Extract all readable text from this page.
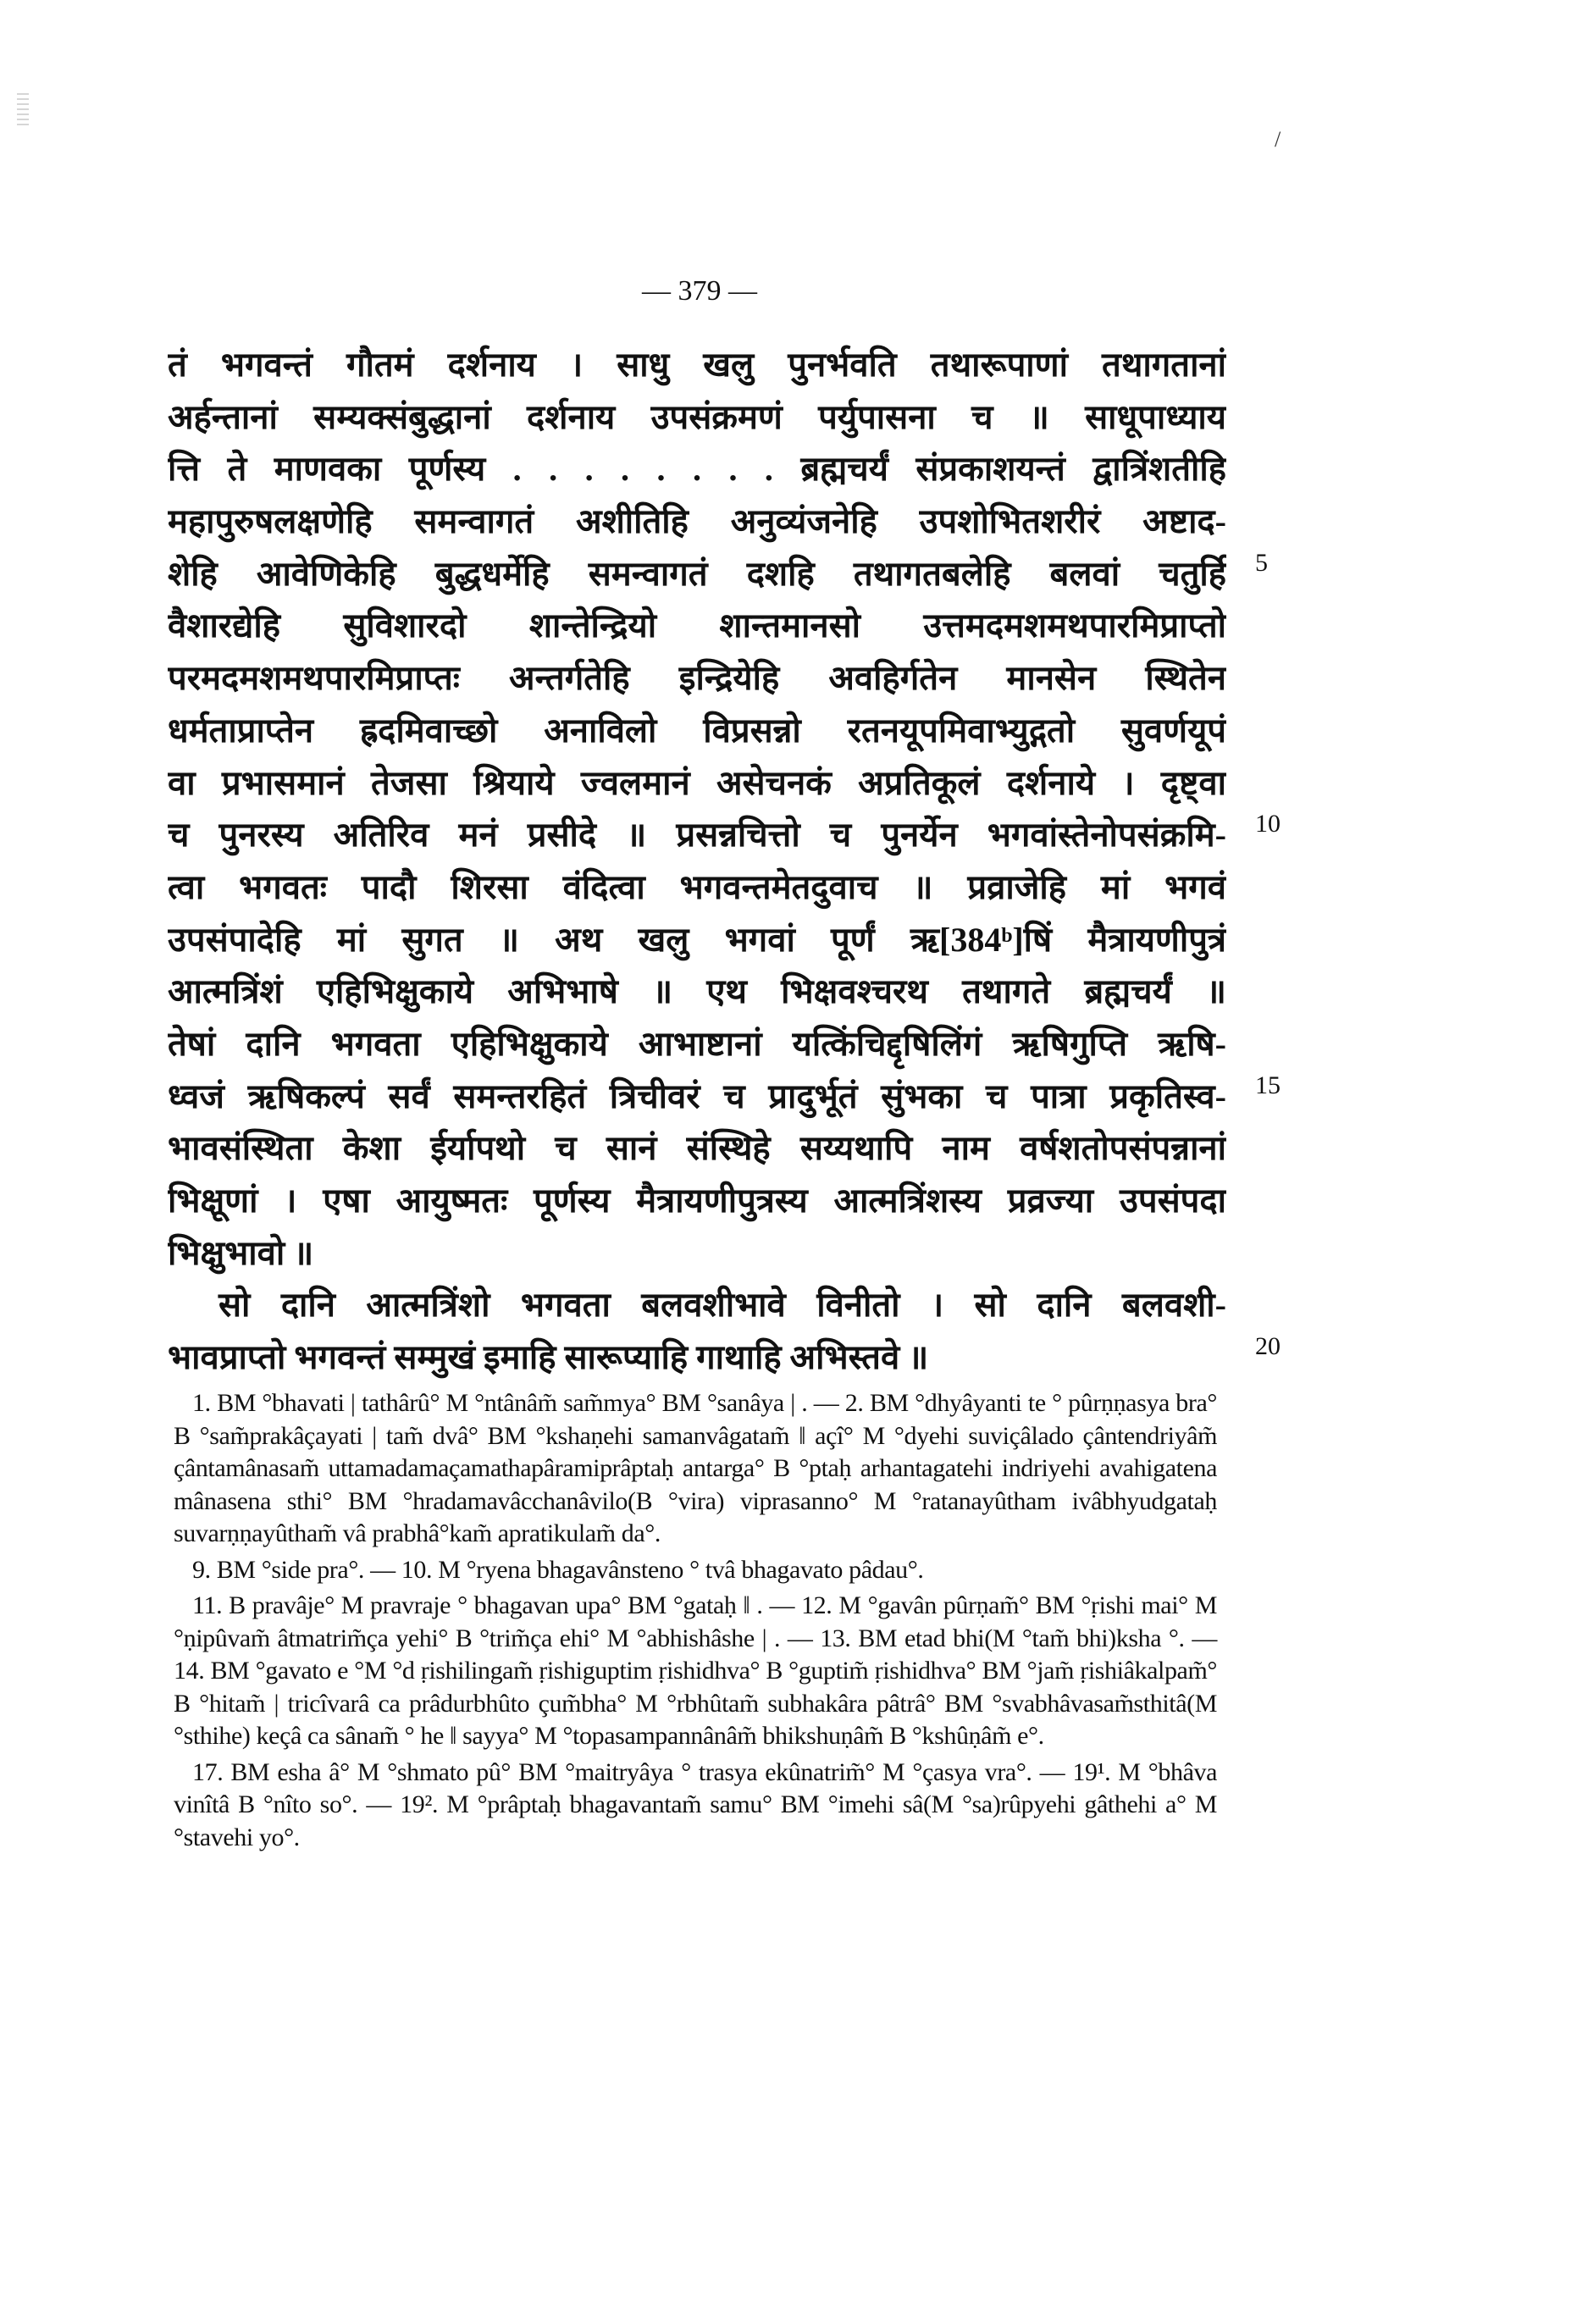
/
— 379 —
तं भगवन्तं गौतमं दर्शनाय । साधु खलु पुनर्भवति तथारूपाणां तथागतानां
अर्हन्तानां सम्यक्संबुद्धानां दर्शनाय उपसंक्रमणं पर्युपासना च ॥ साधूपाध्याय
त्ति ते माणवका पूर्णस्य . . . . . . . . ब्रह्मचर्यं संप्रकाशयन्तं द्वात्रिंशतीहि
महापुरुषलक्षणेहि समन्वागतं अशीतिहि अनुव्यंजनेहि उपशोभितशरीरं अष्टाद-
शेहि आवेणिकेहि बुद्धधर्मेहि समन्वागतं दशहि तथागतबलेहि बलवां चतुर्हि
वैशारद्येहि सुविशारदो शान्तेन्द्रियो शान्तमानसो उत्तमदमशमथपारमिप्राप्तो
परमदमशमथपारमिप्राप्तः अन्तर्गतेहि इन्द्रियेहि अवहिर्गतेन मानसेन स्थितेन
धर्मताप्राप्तेन ह्रदमिवाच्छो अनाविलो विप्रसन्नो रतनयूपमिवाभ्युद्गतो सुवर्णयूपं
वा प्रभासमानं तेजसा श्रियाये ज्वलमानं असेचनकं अप्रतिकूलं दर्शनाये । दृष्ट्वा
च पुनरस्य अतिरिव मनं प्रसीदे ॥ प्रसन्नचित्तो च पुनर्येन भगवांस्तेनोपसंक्रमि-
त्वा भगवतः पादौ शिरसा वंदित्वा भगवन्तमेतदुवाच ॥ प्रव्राजेहि मां भगवं
उपसंपादेहि मां सुगत ॥ अथ खलु भगवां पूर्णं ऋ[384ᵇ]षिं मैत्रायणीपुत्रं
आत्मत्रिंशं एहिभिक्षुकाये अभिभाषे ॥ एथ भिक्षवश्चरथ तथागते ब्रह्मचर्यं ॥
तेषां दानि भगवता एहिभिक्षुकाये आभाष्टानां यत्किंचिद्दृषिलिंगं ऋषिगुप्ति ऋषि-
ध्वजं ऋषिकल्पं सर्वं समन्तरहितं त्रिचीवरं च प्रादुर्भूतं सुंभका च पात्रा प्रकृतिस्व-
भावसंस्थिता केशा ईर्यापथो च सानं संस्थिहे सय्यथापि नाम वर्षशतोपसंपन्नानां
भिक्षूणां । एषा आयुष्मतः पूर्णस्य मैत्रायणीपुत्रस्य आत्मत्रिंशस्य प्रव्रज्या उपसंपदा
भिक्षुभावो ॥
सो दानि आत्मत्रिंशो भगवता बलवशीभावे विनीतो । सो दानि बलवशी-
भावप्राप्तो भगवन्तं सम्मुखं इमाहि सारूप्याहि गाथाहि अभिस्तवे ॥
5
10
15
20

1. BM °bhavati | tathârû° M °ntânâm̃ sam̃mya° BM °sanâya | . — 2. BM °dhyâyanti te ° pûrṇṇasya bra° B °sam̃prakâçayati | tam̃ dvâ° BM °kshaṇehi samanvâgatam̃ ‖ açî° M °dyehi suviçâlado çântendriyâm̃ çântamânasam̃ uttamadamaçamathapâramiprâptaḥ antarga° B °ptaḥ arhantagatehi indriyehi avahigatena mânasena sthi° BM °hradamavâcchanâvilo(B °vira) viprasanno° M °ratanayûtham ivâbhyudgataḥ suvarṇṇayûtham̃ vâ prabhâ°kam̃ apratikulam̃ da°.

9. BM °side pra°. — 10. M °ryena bhagavânsteno ° tvâ bhagavato pâdau°.

11. B pravâje° M pravraje ° bhagavan upa° BM °gataḥ ‖ . — 12. M °gavân pûrṇam̃° BM °ṛishi mai° M °ṇipûvam̃ âtmatrim̃ça yehi° B °trim̃ça ehi° M °abhishâshe | . — 13. BM etad bhi(M °tam̃ bhi)ksha °. — 14. BM °gavato e °M °d ṛishilingam̃ ṛishiguptim ṛishidhva° B °guptim̃ ṛishidhva° BM °jam̃ ṛishiâkalpam̃° B °hitam̃ | tricîvarâ ca prâdurbhûto çum̃bha° M °rbhûtam̃ subhakâra pâtrâ° BM °svabhâvasam̃sthitâ(M °sthihe) keçâ ca sânam̃ ° he ‖ sayya° M °topasampannânâm̃ bhikshuṇâm̃ B °kshûṇâm̃ e°.

17. BM esha â° M °shmato pû° BM °maitryâya ° trasya ekûnatrim̃° M °çasya vra°. — 19¹. M °bhâva vinîtâ B °nîto so°. — 19². M °prâptaḥ bhagavantam̃ samu° BM °imehi sâ(M °sa)rûpyehi gâthehi a° M °stavehi yo°.
